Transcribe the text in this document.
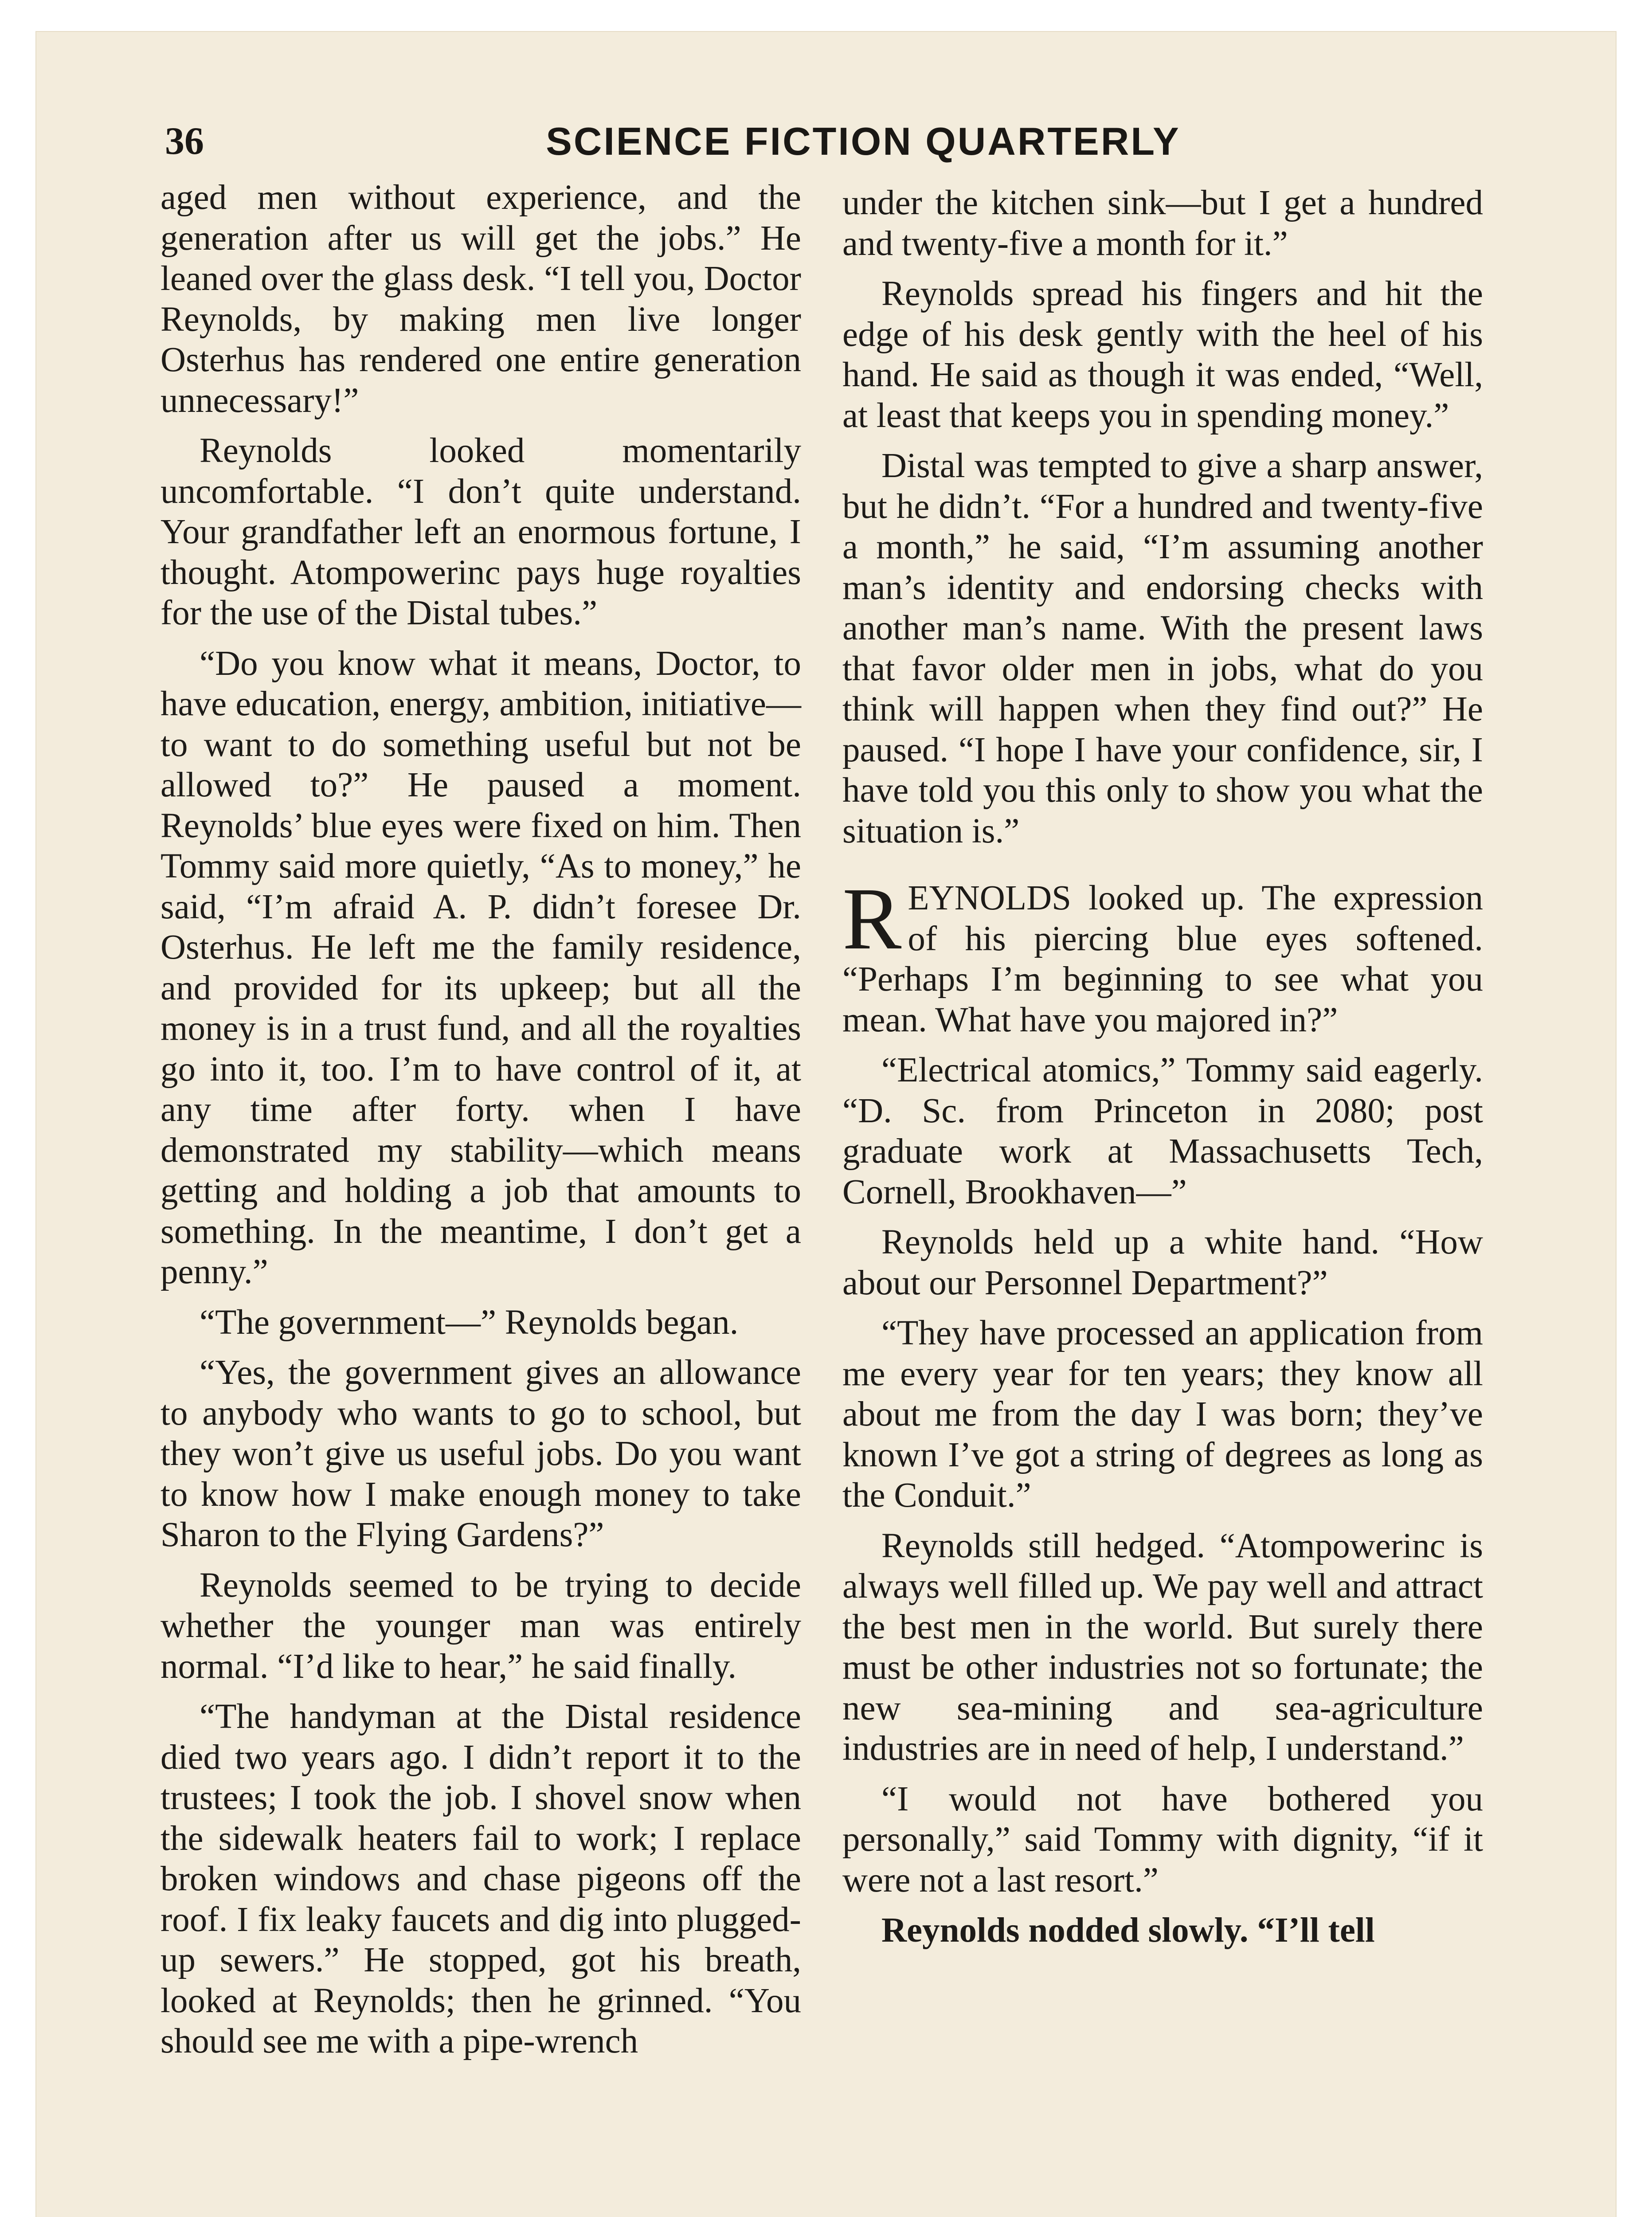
36	SCIENCE FICTION QUARTERLY

aged men without experience, and the generation after us will get the jobs.” He leaned over the glass desk. “I tell you, Doctor Reynolds, by making men live longer Osterhus has rendered one entire generation unnecessary!”

Reynolds looked momentarily uncomfortable. “I don’t quite understand. Your grandfather left an enormous fortune, I thought. Atompowerinc pays huge royalties for the use of the Distal tubes.”

“Do you know what it means, Doctor, to have education, energy, ambition, initiative—to want to do something useful but not be allowed to?” He paused a moment. Reynolds’ blue eyes were fixed on him. Then Tommy said more quietly, “As to money,” he said, “I’m afraid A. P. didn’t foresee Dr. Osterhus. He left me the family residence, and provided for its upkeep; but all the money is in a trust fund, and all the royalties go into it, too. I’m to have control of it, at any time after forty. when I have demonstrated my stability—which means getting and holding a job that amounts to something. In the meantime, I don’t get a penny.”

“The government—” Reynolds began.

“Yes, the government gives an allowance to anybody who wants to go to school, but they won’t give us useful jobs. Do you want to know how I make enough money to take Sharon to the Flying Gardens?”

Reynolds seemed to be trying to decide whether the younger man was entirely normal. “I’d like to hear,” he said finally.

“The handyman at the Distal residence died two years ago. I didn’t report it to the trustees; I took the job. I shovel snow when the sidewalk heaters fail to work; I replace broken windows and chase pigeons off the roof. I fix leaky faucets and dig into plugged-up sewers.” He stopped, got his breath, looked at Reynolds; then he grinned. “You should see me with a pipe-wrench

under the kitchen sink—but I get a hundred and twenty-five a month for it.”

Reynolds spread his fingers and hit the edge of his desk gently with the heel of his hand. He said as though it was ended, “Well, at least that keeps you in spending money.”

Distal was tempted to give a sharp answer, but he didn’t. “For a hundred and twenty-five a month,” he said, “I’m assuming another man’s identity and endorsing checks with another man’s name. With the present laws that favor older men in jobs, what do you think will happen when they find out?” He paused. “I hope I have your confidence, sir, I have told you this only to show you what the situation is.”

REYNOLDS looked up. The expression of his piercing blue eyes softened. “Perhaps I’m beginning to see what you mean. What have you majored in?”

“Electrical atomics,” Tommy said eagerly. “D. Sc. from Princeton in 2080; post graduate work at Massachusetts Tech, Cornell, Brookhaven—”

Reynolds held up a white hand. “How about our Personnel Department?”

“They have processed an application from me every year for ten years; they know all about me from the day I was born; they’ve known I’ve got a string of degrees as long as the Conduit.”

Reynolds still hedged. “Atompowerinc is always well filled up. We pay well and attract the best men in the world. But surely there must be other industries not so fortunate; the new sea-mining and sea-agriculture industries are in need of help, I understand.”

“I would not have bothered you personally,” said Tommy with dignity, “if it were not a last resort.”

Reynolds nodded slowly. “I’ll tell
